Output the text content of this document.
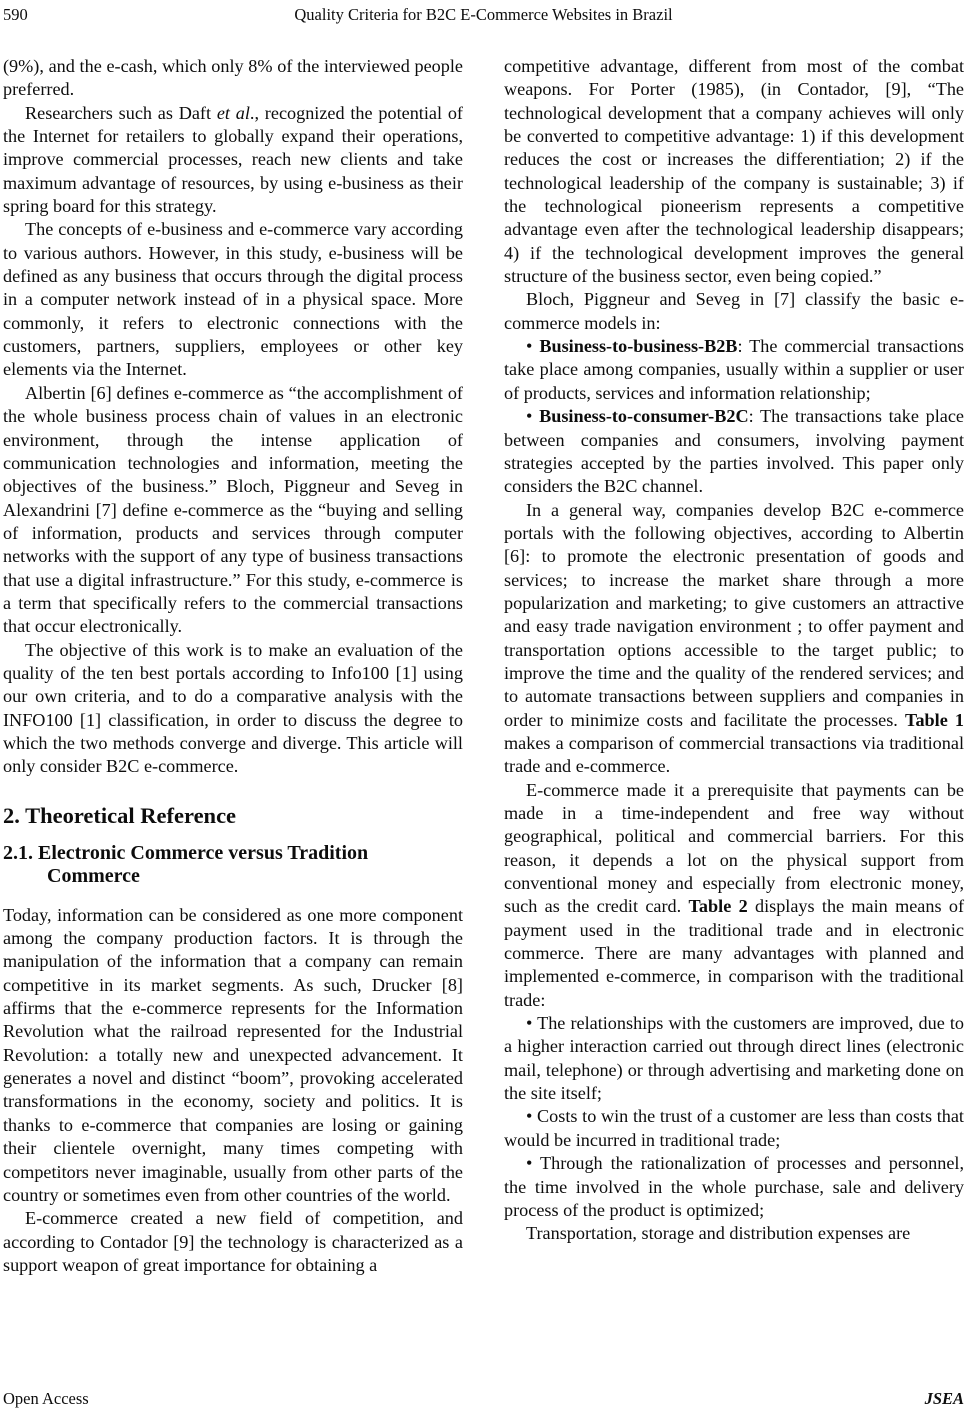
590	Quality Criteria for B2C E-Commerce Websites in Brazil

(9%), and the e-cash, which only 8% of the interviewed people preferred.

Researchers such as Daft et al., recognized the potential of the Internet for retailers to globally expand their operations, improve commercial processes, reach new clients and take maximum advantage of resources, by using e-business as their spring board for this strategy.

The concepts of e-business and e-commerce vary according to various authors. However, in this study, e-business will be defined as any business that occurs through the digital process in a computer network instead of in a physical space. More commonly, it refers to electronic connections with the customers, partners, suppliers, employees or other key elements via the Internet.

Albertin [6] defines e-commerce as “the accomplishment of the whole business process chain of values in an electronic environment, through the intense application of communication technologies and information, meeting the objectives of the business.” Bloch, Piggneur and Seveg in Alexandrini [7] define e-commerce as the “buying and selling of information, products and services through computer networks with the support of any type of business transactions that use a digital infrastructure.” For this study, e-commerce is a term that specifically refers to the commercial transactions that occur electronically.

The objective of this work is to make an evaluation of the quality of the ten best portals according to Info100 [1] using our own criteria, and to do a comparative analysis with the INFO100 [1] classification, in order to discuss the degree to which the two methods converge and diverge. This article will only consider B2C e-commerce.

2. Theoretical Reference
2.1. Electronic Commerce versus Tradition Commerce

Today, information can be considered as one more component among the company production factors. It is through the manipulation of the information that a company can remain competitive in its market segments. As such, Drucker [8] affirms that the e-commerce represents for the Information Revolution what the railroad represented for the Industrial Revolution: a totally new and unexpected advancement. It generates a novel and distinct “boom”, provoking accelerated transformations in the economy, society and politics. It is thanks to e-commerce that companies are losing or gaining their clientele overnight, many times competing with competitors never imaginable, usually from other parts of the country or sometimes even from other countries of the world.

E-commerce created a new field of competition, and according to Contador [9] the technology is characterized as a support weapon of great importance for obtaining a

competitive advantage, different from most of the combat weapons. For Porter (1985), (in Contador, [9], “The technological development that a company achieves will only be converted to competitive advantage: 1) if this development reduces the cost or increases the differentiation; 2) if the technological leadership of the company is sustainable; 3) if the technological pioneerism represents a competitive advantage even after the technological leadership disappears; 4) if the technological development improves the general structure of the business sector, even being copied.”

Bloch, Piggneur and Seveg in [7] classify the basic e-commerce models in:

• Business-to-business-B2B: The commercial transactions take place among companies, usually within a supplier or user of products, services and information relationship;

• Business-to-consumer-B2C: The transactions take place between companies and consumers, involving payment strategies accepted by the parties involved. This paper only considers the B2C channel.

In a general way, companies develop B2C e-commerce portals with the following objectives, according to Albertin [6]: to promote the electronic presentation of goods and services; to increase the market share through a more popularization and marketing; to give customers an attractive and easy trade navigation environment ; to offer payment and transportation options accessible to the target public; to improve the time and the quality of the rendered services; and to automate transactions between suppliers and companies in order to minimize costs and facilitate the processes. Table 1 makes a comparison of commercial transactions via traditional trade and e-commerce.

E-commerce made it a prerequisite that payments can be made in a time-independent and free way without geographical, political and commercial barriers. For this reason, it depends a lot on the physical support from conventional money and especially from electronic money, such as the credit card. Table 2 displays the main means of payment used in the traditional trade and in electronic commerce. There are many advantages with planned and implemented e-commerce, in comparison with the traditional trade:

• The relationships with the customers are improved, due to a higher interaction carried out through direct lines (electronic mail, telephone) or through advertising and marketing done on the site itself;

• Costs to win the trust of a customer are less than costs that would be incurred in traditional trade;

• Through the rationalization of processes and personnel, the time involved in the whole purchase, sale and delivery process of the product is optimized;

Transportation, storage and distribution expenses are

Open Access	JSEA
